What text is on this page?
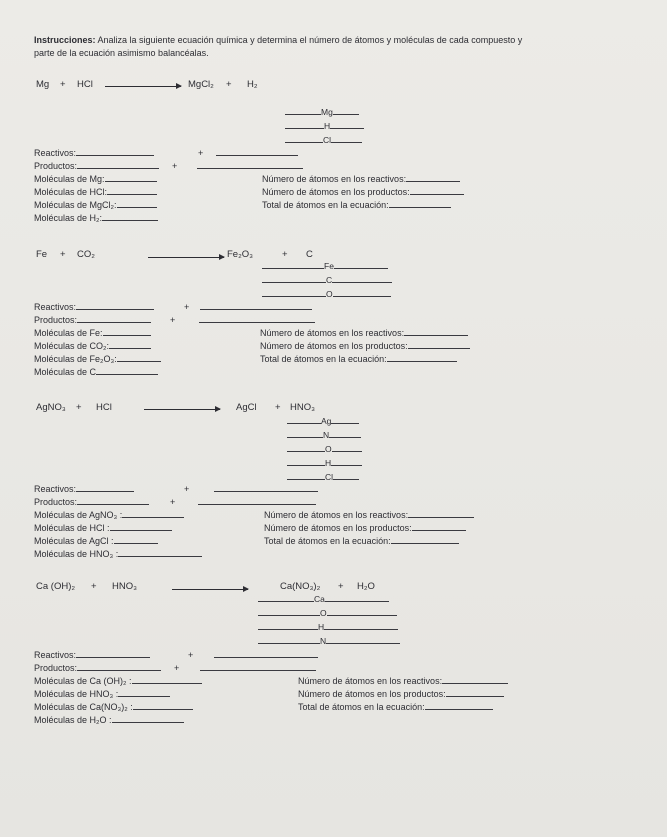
Instrucciones: Analiza la siguiente ecuación química y determina el número de átomos y moléculas de cada compuesto y
parte de la ecuación asimismo balancéalas.
Mg + HCl	MgCl₂ + H₂
Mg
H
Cl
Reactivos:	+
Productos:	+
Moléculas de Mg:
Moléculas de HCl:
Moléculas de MgCl₂:
Moléculas de H₂:
Número de átomos en los reactivos:
Número de átomos en los productos:
Total de átomos en la ecuación:
Fe + CO₂	Fe₂O₃	+ C
Fe
C
O
Reactivos:	+
Productos:	+
Moléculas de Fe:
Moléculas de CO₂:
Moléculas de Fe₂O₃:
Moléculas de C
Número de átomos en los reactivos:
Número de átomos en los productos:
Total de átomos en la ecuación:
AgNO₃ + HCl	AgCl + HNO₃
Ag
N
O
H
Cl
Reactivos:	+
Productos:	+
Moléculas de AgNO₃ :
Moléculas de HCl :
Moléculas de AgCl :
Moléculas de HNO₃ :
Número de átomos en los reactivos:
Número de átomos en los productos:
Total de átomos en la ecuación:
Ca (OH)₂ + HNO₃	Ca(NO₃)₂ + H₂O
Ca
O
H
N
Reactivos:	+
Productos:	+
Moléculas de Ca (OH)₂ :
Moléculas de HNO₃ :
Moléculas de Ca(NO₃)₂ :
Moléculas de H₂O :
Número de átomos en los reactivos:
Número de átomos en los productos:
Total de átomos en la ecuación:
